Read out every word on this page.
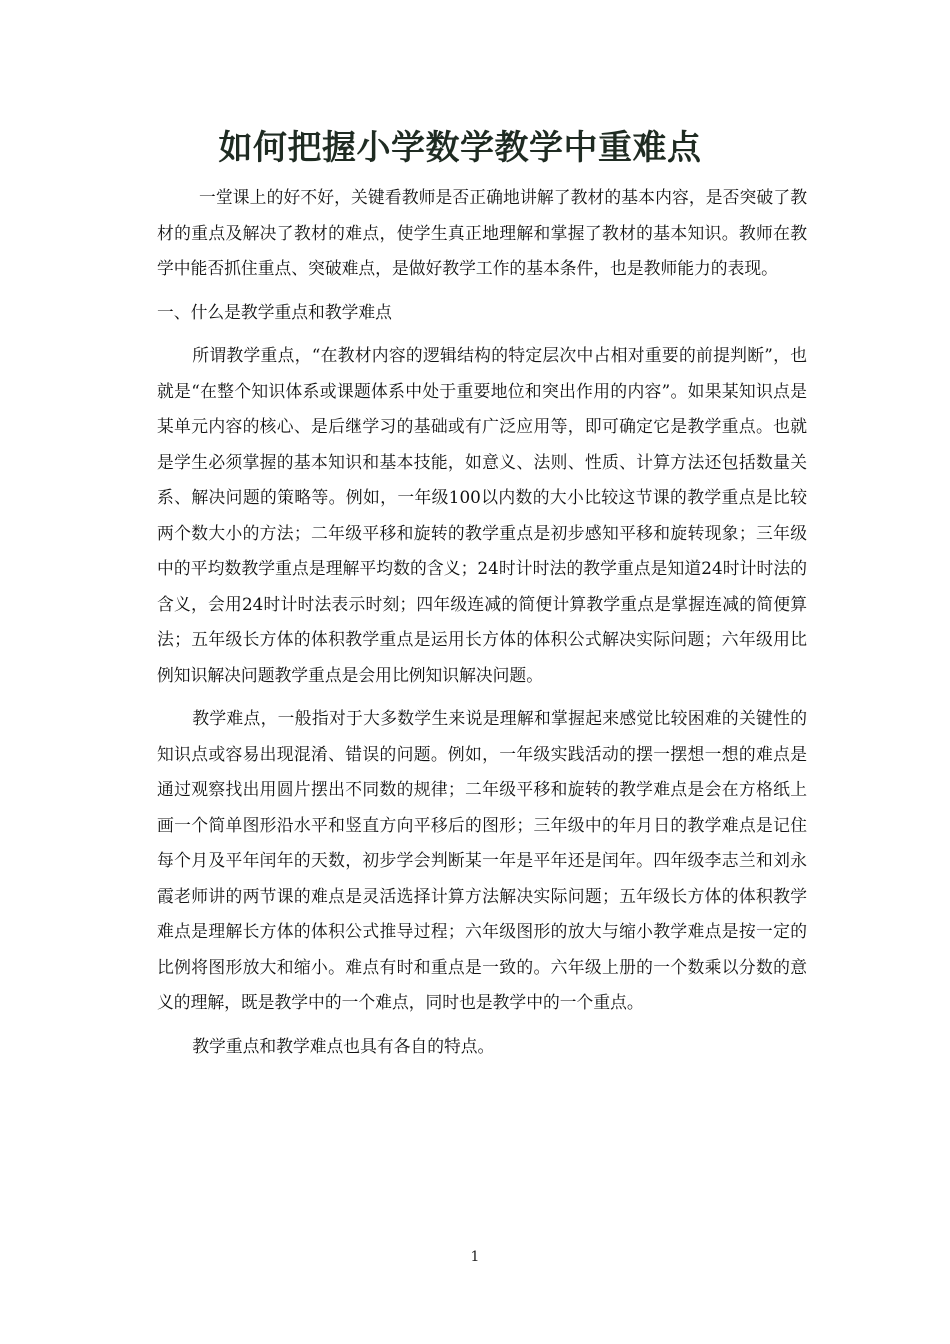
如何把握小学数学教学中重难点

一堂课上的好不好，关键看教师是否正确地讲解了教材的基本内容，是否突破了教材的重点及解决了教材的难点，使学生真正地理解和掌握了教材的基本知识。教师在教学中能否抓住重点、突破难点，是做好教学工作的基本条件，也是教师能力的表现。

一、什么是教学重点和教学难点

所谓教学重点，“在教材内容的逻辑结构的特定层次中占相对重要的前提判断”，也就是“在整个知识体系或课题体系中处于重要地位和突出作用的内容”。如果某知识点是某单元内容的核心、是后继学习的基础或有广泛应用等，即可确定它是教学重点。也就是学生必须掌握的基本知识和基本技能，如意义、法则、性质、计算方法还包括数量关系、解决问题的策略等。例如，一年级100以内数的大小比较这节课的教学重点是比较两个数大小的方法；二年级平移和旋转的教学重点是初步感知平移和旋转现象；三年级中的平均数教学重点是理解平均数的含义；24时计时法的教学重点是知道24时计时法的含义，会用24时计时法表示时刻；四年级连减的简便计算教学重点是掌握连减的简便算法；五年级长方体的体积教学重点是运用长方体的体积公式解决实际问题；六年级用比例知识解决问题教学重点是会用比例知识解决问题。

教学难点，一般指对于大多数学生来说是理解和掌握起来感觉比较困难的关键性的知识点或容易出现混淆、错误的问题。例如，一年级实践活动的摆一摆想一想的难点是通过观察找出用圆片摆出不同数的规律；二年级平移和旋转的教学难点是会在方格纸上画一个简单图形沿水平和竖直方向平移后的图形；三年级中的年月日的教学难点是记住每个月及平年闰年的天数，初步学会判断某一年是平年还是闰年。四年级李志兰和刘永霞老师讲的两节课的难点是灵活选择计算方法解决实际问题；五年级长方体的体积教学难点是理解长方体的体积公式推导过程；六年级图形的放大与缩小教学难点是按一定的比例将图形放大和缩小。难点有时和重点是一致的。六年级上册的一个数乘以分数的意义的理解，既是教学中的一个难点，同时也是教学中的一个重点。

教学重点和教学难点也具有各自的特点。

1
